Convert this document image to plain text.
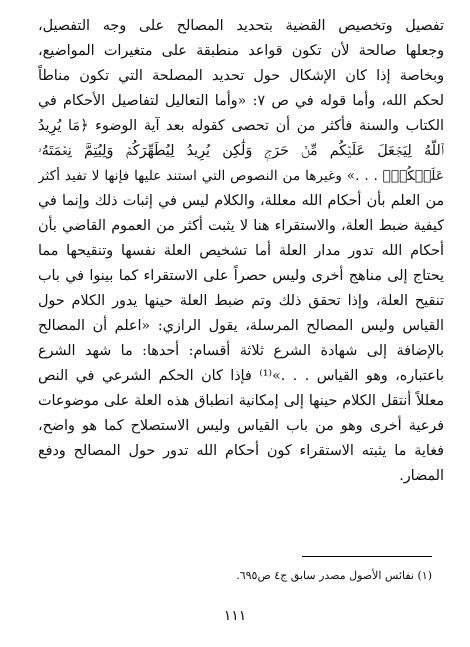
تفصيل وتخصيص القضية بتحديد المصالح على وجه التفصيل،
وجعلها صالحة لأن تكون قواعد منطبقة على متغيرات المواضيع،
وبخاصة إذا كان الإشكال حول تحديد المصلحة التي تكون مناطاً
لحكم الله، وأما قوله في ص ٧: «وأما التعاليل لتفاصيل الأحكام في
الكتاب والسنة فأكثر من أن تحصى كقوله بعد آية الوضوء ﴿مَا يُرِيدُ
ٱللَّهُ لِيَجۡعَلَ عَلَيۡكُم مِّنۡ حَرَجٖ وَلَٰكِن يُرِيدُ لِيُطَهِّرَكُمۡ وَلِيُتِمَّ نِعۡمَتَهُۥ
عَلَيۡكُمۡ﴾ . . .» وغيرها من النصوص التي استند عليها فإنها لا تفيد أكثر
من العلم بأن أحكام الله معللة، والكلام ليس في إثبات ذلك وإنما في
كيفية ضبط العلة، والاستقراء هنا لا يثبت أكثر من العموم القاضي بأن
أحكام الله تدور مدار العلة أما تشخيص العلة نفسها وتنقيحها مما
يحتاج إلى مناهج أخرى وليس حصراً على الاستقراء كما بينوا في باب
تنقيح العلة، وإذا تحقق ذلك وتم ضبط العلة حينها يدور الكلام حول
القياس وليس المصالح المرسلة، يقول الرازي: «اعلم أن المصالح
بالإضافة إلى شهادة الشرع ثلاثة أقسام: أحدها: ما شهد الشرع
باعتباره، وهو القياس . . .»⁽¹⁾ فإذا كان الحكم الشرعي في النص
معللاً أنتقل الكلام حينها إلى إمكانية انطباق هذه العلة على موضوعات
فرعية أخرى وهو من باب القياس وليس الاستصلاح كما هو واضح،
فغاية ما يثبته الاستقراء كون أحكام الله تدور حول المصالح ودفع
المضار.
(١) نفائس الأصول مصدر سابق ج٤ ص٦٩٥.
١١١
